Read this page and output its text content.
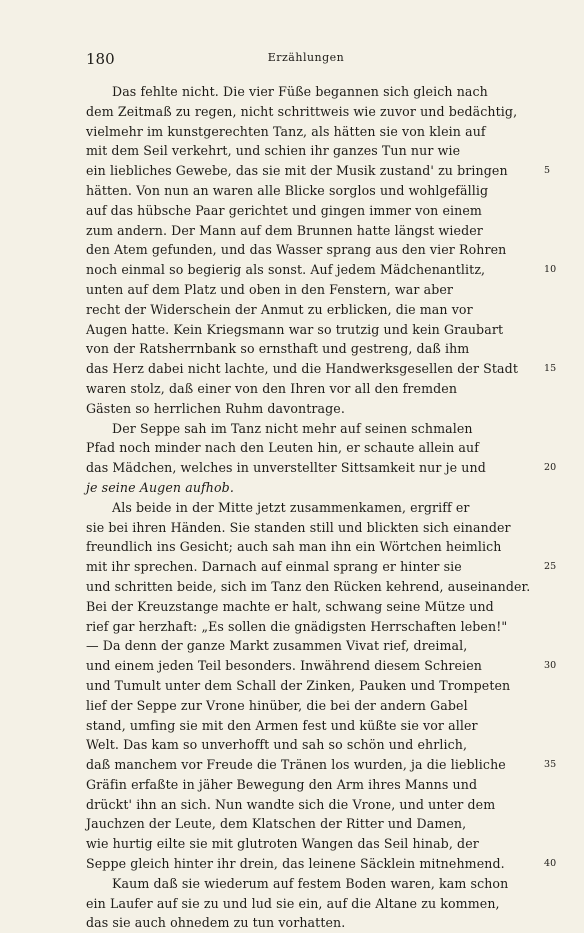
180	Erzählungen
Das fehlte nicht. Die vier Füße begannen sich gleich nach
dem Zeitmaß zu regen, nicht schrittweis wie zuvor und bedächtig,
vielmehr im kunstgerechten Tanz, als hätten sie von klein auf
mit dem Seil verkehrt, und schien ihr ganzes Tun nur wie
ein liebliches Gewebe, das sie mit der Musik zustand' zu bringen	5
hätten. Von nun an waren alle Blicke sorglos und wohlgefällig
auf das hübsche Paar gerichtet und gingen immer von einem
zum andern. Der Mann auf dem Brunnen hatte längst wieder
den Atem gefunden, und das Wasser sprang aus den vier Rohren
noch einmal so begierig als sonst. Auf jedem Mädchenantlitz,	10
unten auf dem Platz und oben in den Fenstern, war aber
recht der Widerschein der Anmut zu erblicken, die man vor
Augen hatte. Kein Kriegsmann war so trutzig und kein Graubart
von der Ratsherrnbank so ernsthaft und gestreng, daß ihm
das Herz dabei nicht lachte, und die Handwerksgesellen der Stadt	15
waren stolz, daß einer von den Ihren vor all den fremden
Gästen so herrlichen Ruhm davontrage.
Der Seppe sah im Tanz nicht mehr auf seinen schmalen
Pfad noch minder nach den Leuten hin, er schaute allein auf
das Mädchen, welches in unverstellter Sittsamkeit nur je und	20
je seine Augen aufhob.
Als beide in der Mitte jetzt zusammenkamen, ergriff er
sie bei ihren Händen. Sie standen still und blickten sich einander
freundlich ins Gesicht; auch sah man ihn ein Wörtchen heimlich
mit ihr sprechen. Darnach auf einmal sprang er hinter sie	25
und schritten beide, sich im Tanz den Rücken kehrend, auseinander.
Bei der Kreuzstange machte er halt, schwang seine Mütze und
rief gar herzhaft: „Es sollen die gnädigsten Herrschaften leben!"
— Da denn der ganze Markt zusammen Vivat rief, dreimal,
und einem jeden Teil besonders. Inwährend diesem Schreien	30
und Tumult unter dem Schall der Zinken, Pauken und Trompeten
lief der Seppe zur Vrone hinüber, die bei der andern Gabel
stand, umfing sie mit den Armen fest und küßte sie vor aller
Welt. Das kam so unverhofft und sah so schön und ehrlich,
daß manchem vor Freude die Tränen los wurden, ja die liebliche	35
Gräfin erfaßte in jäher Bewegung den Arm ihres Manns und
drückt' ihn an sich. Nun wandte sich die Vrone, und unter dem
Jauchzen der Leute, dem Klatschen der Ritter und Damen,
wie hurtig eilte sie mit glutroten Wangen das Seil hinab, der
Seppe gleich hinter ihr drein, das leinene Säcklein mitnehmend.	40
Kaum daß sie wiederum auf festem Boden waren, kam schon
ein Laufer auf sie zu und lud sie ein, auf die Altane zu kommen,
das sie auch ohnedem zu tun vorhatten.
